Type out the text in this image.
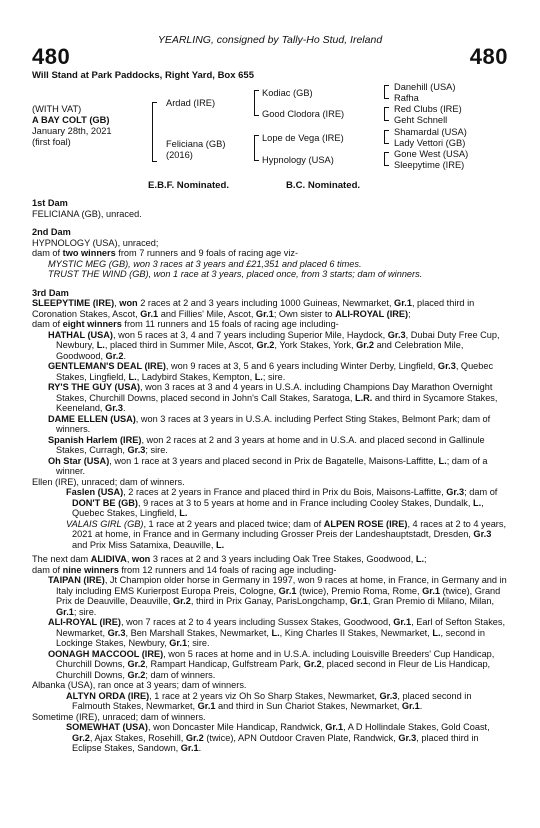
YEARLING, consigned by Tally-Ho Stud, Ireland
480	480
Will Stand at Park Paddocks, Right Yard, Box 655
(WITH VAT)
A BAY COLT (GB)
January 28th, 2021
(first foal)
Ardad (IRE)
Feliciana (GB)
(2016)
Kodiac (GB)
Good Clodora (IRE)
Lope de Vega (IRE)
Hypnology (USA)
Danehill (USA)
Rafha
Red Clubs (IRE)
Geht Schnell
Shamardal (USA)
Lady Vettori (GB)
Gone West (USA)
Sleepytime (IRE)
E.B.F. Nominated.	B.C. Nominated.

1st Dam

FELICIANA (GB), unraced.

2nd Dam

HYPNOLOGY (USA), unraced;

dam of two winners from 7 runners and 9 foals of racing age viz-

MYSTIC MEG (GB), won 3 races at 3 years and £21,351 and placed 6 times.

TRUST THE WIND (GB), won 1 race at 3 years, placed once, from 3 starts; dam of winners.

3rd Dam

SLEEPYTIME (IRE), won 2 races at 2 and 3 years including 1000 Guineas, Newmarket, Gr.1, placed third in Coronation Stakes, Ascot, Gr.1 and Fillies' Mile, Ascot, Gr.1; Own sister to ALI-ROYAL (IRE);

dam of eight winners from 11 runners and 15 foals of racing age including-

HATHAL (USA), won 5 races at 3, 4 and 7 years including Superior Mile, Haydock, Gr.3, Dubai Duty Free Cup, Newbury, L., placed third in Summer Mile, Ascot, Gr.2, York Stakes, York, Gr.2 and Celebration Mile, Goodwood, Gr.2.

GENTLEMAN'S DEAL (IRE), won 9 races at 3, 5 and 6 years including Winter Derby, Lingfield, Gr.3, Quebec Stakes, Lingfield, L., Ladybird Stakes, Kempton, L.; sire.

RY'S THE GUY (USA), won 3 races at 3 and 4 years in U.S.A. including Champions Day Marathon Overnight Stakes, Churchill Downs, placed second in John's Call Stakes, Saratoga, L.R. and third in Sycamore Stakes, Keeneland, Gr.3.

DAME ELLEN (USA), won 3 races at 3 years in U.S.A. including Perfect Sting Stakes, Belmont Park; dam of winners.

Spanish Harlem (IRE), won 2 races at 2 and 3 years at home and in U.S.A. and placed second in Gallinule Stakes, Curragh, Gr.3; sire.

Oh Star (USA), won 1 race at 3 years and placed second in Prix de Bagatelle, Maisons-Laffitte, L.; dam of a winner.

Ellen (IRE), unraced; dam of winners.

Faslen (USA), 2 races at 2 years in France and placed third in Prix du Bois, Maisons-Laffitte, Gr.3; dam of DON'T BE (GB), 9 races at 3 to 5 years at home and in France including Cooley Stakes, Dundalk, L., Quebec Stakes, Lingfield, L.

VALAIS GIRL (GB), 1 race at 2 years and placed twice; dam of ALPEN ROSE (IRE), 4 races at 2 to 4 years, 2021 at home, in France and in Germany including Grosser Preis der Landeshauptstadt, Dresden, Gr.3 and Prix Miss Satamixa, Deauville, L.

The next dam ALIDIVA, won 3 races at 2 and 3 years including Oak Tree Stakes, Goodwood, L.;

dam of nine winners from 12 runners and 14 foals of racing age including-

TAIPAN (IRE), Jt Champion older horse in Germany in 1997, won 9 races at home, in France, in Germany and in Italy including EMS Kurierpost Europa Preis, Cologne, Gr.1 (twice), Premio Roma, Rome, Gr.1 (twice), Grand Prix de Deauville, Deauville, Gr.2, third in Prix Ganay, ParisLongchamp, Gr.1, Gran Premio di Milano, Milan, Gr.1; sire.

ALI-ROYAL (IRE), won 7 races at 2 to 4 years including Sussex Stakes, Goodwood, Gr.1, Earl of Sefton Stakes, Newmarket, Gr.3, Ben Marshall Stakes, Newmarket, L., King Charles II Stakes, Newmarket, L., second in Lockinge Stakes, Newbury, Gr.1; sire.

OONAGH MACCOOL (IRE), won 5 races at home and in U.S.A. including Louisville Breeders' Cup Handicap, Churchill Downs, Gr.2, Rampart Handicap, Gulfstream Park, Gr.2, placed second in Fleur de Lis Handicap, Churchill Downs, Gr.2; dam of winners.

Albanka (USA), ran once at 3 years; dam of winners.

ALTYN ORDA (IRE), 1 race at 2 years viz Oh So Sharp Stakes, Newmarket, Gr.3, placed second in Falmouth Stakes, Newmarket, Gr.1 and third in Sun Chariot Stakes, Newmarket, Gr.1.

Sometime (IRE), unraced; dam of winners.

SOMEWHAT (USA), won Doncaster Mile Handicap, Randwick, Gr.1, A D Hollindale Stakes, Gold Coast, Gr.2, Ajax Stakes, Rosehill, Gr.2 (twice), APN Outdoor Craven Plate, Randwick, Gr.3, placed third in Eclipse Stakes, Sandown, Gr.1.
